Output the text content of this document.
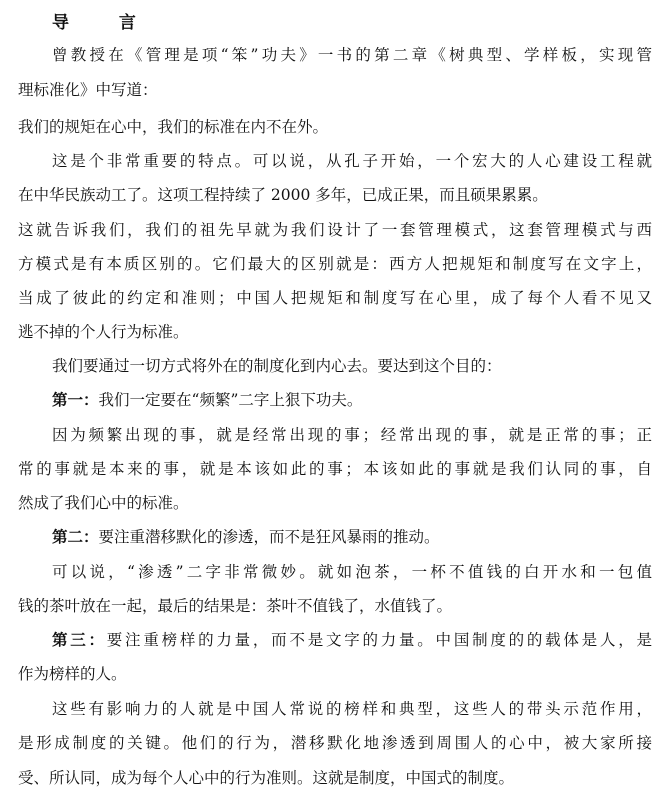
导 言
曾教授在《管理是项“笨”功夫》一书的第二章《树典型、学样板，实现管
理标准化》中写道：
我们的规矩在心中，我们的标准在内不在外。
这是个非常重要的特点。可以说，从孔子开始，一个宏大的人心建设工程就
在中华民族动工了。这项工程持续了 2000 多年，已成正果，而且硕果累累。
这就告诉我们，我们的祖先早就为我们设计了一套管理模式，这套管理模式与西
方模式是有本质区别的。它们最大的区别就是：西方人把规矩和制度写在文字上，
当成了彼此的约定和准则；中国人把规矩和制度写在心里，成了每个人看不见又
逃不掉的个人行为标准。
我们要通过一切方式将外在的制度化到内心去。要达到这个目的：
第一：我们一定要在“频繁”二字上狠下功夫。
因为频繁出现的事，就是经常出现的事；经常出现的事，就是正常的事；正
常的事就是本来的事，就是本该如此的事；本该如此的事就是我们认同的事，自
然成了我们心中的标准。
第二：要注重潜移默化的渗透，而不是狂风暴雨的推动。
可以说，“渗透”二字非常微妙。就如泡茶，一杯不值钱的白开水和一包值
钱的茶叶放在一起，最后的结果是：茶叶不值钱了，水值钱了。
第三：要注重榜样的力量，而不是文字的力量。中国制度的的载体是人，是
作为榜样的人。
这些有影响力的人就是中国人常说的榜样和典型，这些人的带头示范作用，
是形成制度的关键。他们的行为，潜移默化地渗透到周围人的心中，被大家所接
受、所认同，成为每个人心中的行为准则。这就是制度，中国式的制度。
